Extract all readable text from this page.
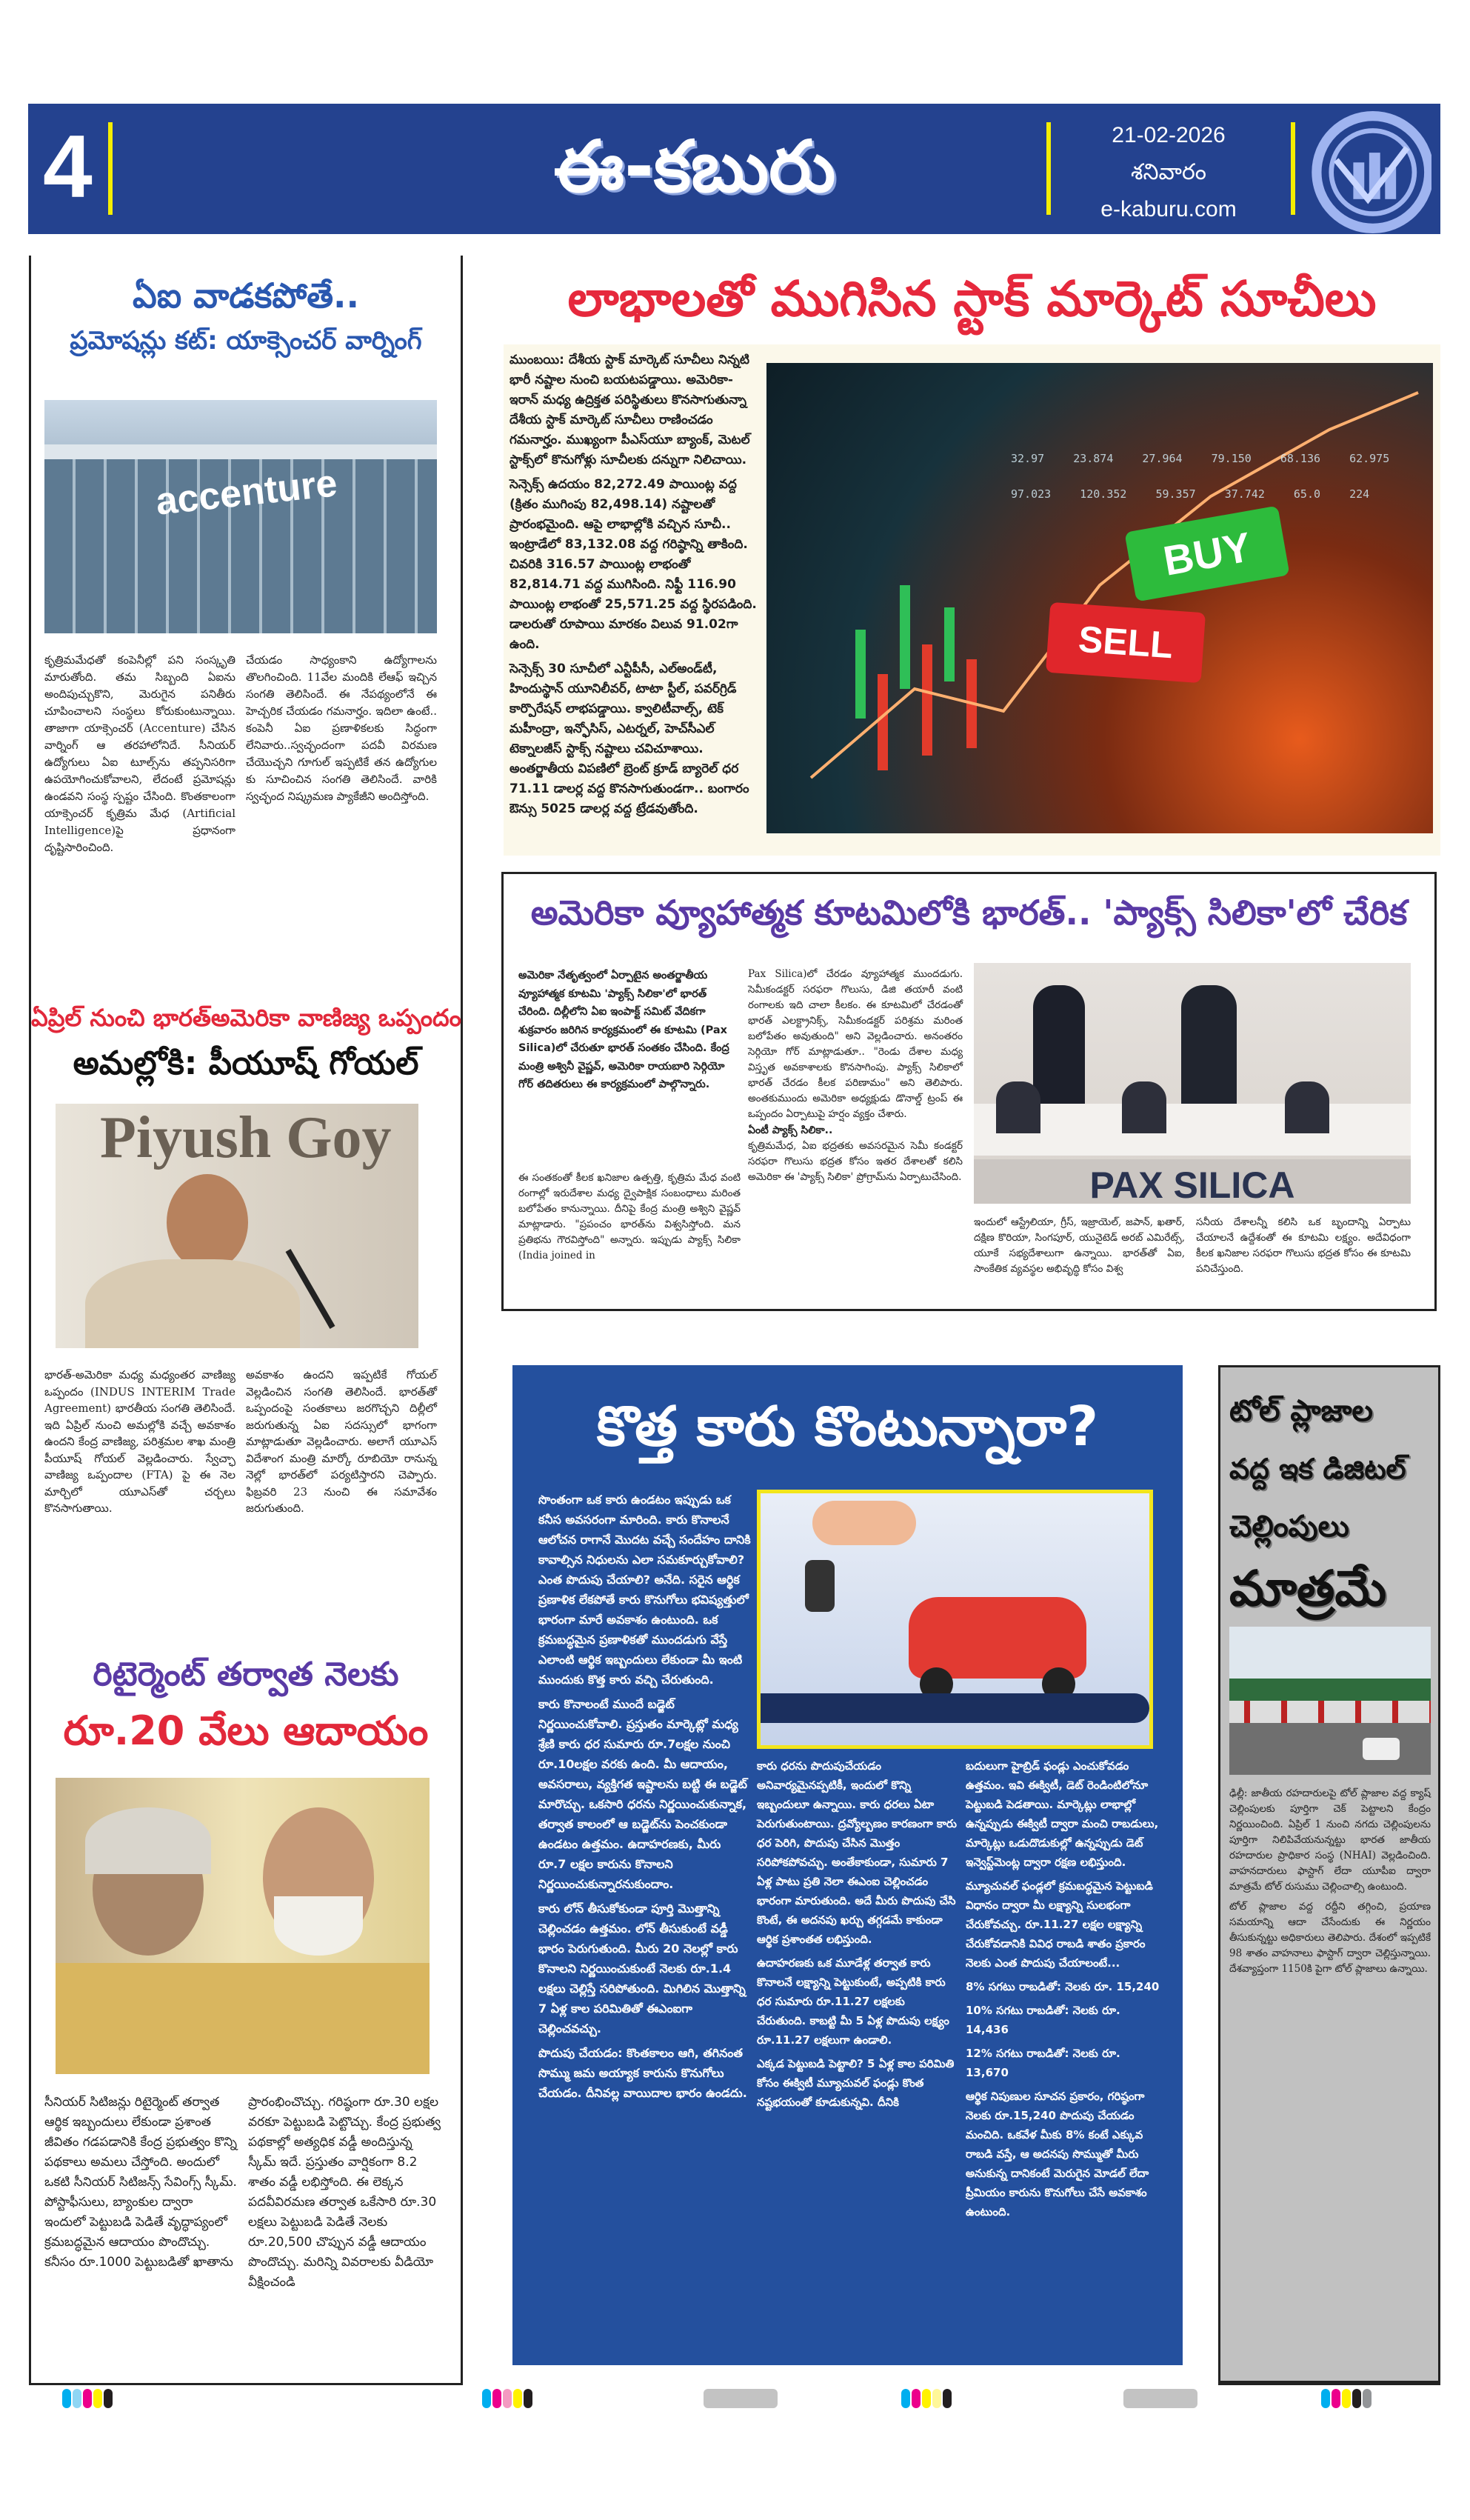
4	ఈ-కబురు	21-02-2026
శనివారం
e-kaburu.com
ఏఐ వాడకపోతే..
ప్రమోషన్లు కట్: యాక్సెంచర్ వార్నింగ్
accenture
కృత్రిమమేధతో కంపెనీల్లో పని సంస్కృతి మారుతోంది. తమ సిబ్బంది ఏఐను అందిపుచ్చుకొని, మెరుగైన పనితీరు చూపించాలని సంస్థలు కోరుకుంటున్నాయి. తాజాగా యాక్సెంచర్ (Accenture) చేసిన వార్నింగ్ ఆ తరహాలోనిదే. సీనియర్ ఉద్యోగులు ఏఐ టూల్స్‌ను తప్పనిసరిగా ఉపయోగించుకోవాలని, లేదంటే ప్రమోషన్లు ఉండవని సంస్థ స్పష్టం చేసింది. కొంతకాలంగా యాక్సెంచర్ కృత్రిమ మేధ (Artificial Intelligence)పై ప్రధానంగా దృష్టిసారించింది.
చేయడం సాధ్యంకాని ఉద్యోగాలను తొలగించింది. 11వేల మందికి లేఆఫ్ ఇచ్చిన సంగతి తెలిసిందే. ఈ నేపథ్యంలోనే ఈ హెచ్చరిక చేయడం గమనార్హం. ఇదిలా ఉంటే.. కంపెనీ ఏఐ ప్రణాళికలకు సిద్ధంగా లేనివారు..స్వచ్ఛందంగా పదవీ విరమణ చేయొచ్చని గూగుల్ ఇప్పటికే తన ఉద్యోగుల కు సూచించిన సంగతి తెలిసిందే. వారికి స్వచ్ఛంద నిష్క్రమణ ప్యాకేజీని అందిస్తోంది.
ఏప్రిల్ నుంచి భారత్‌అమెరికా వాణిజ్య ఒప్పందం
అమల్లోకి: పీయూష్ గోయల్
Piyush Goy
భారత్‌-అమెరికా మధ్య మధ్యంతర వాణిజ్య ఒప్పందం (INDUS INTERIM Trade Agreement) భారతీయ సంగతి తెలిసిందే. ఇది ఏప్రిల్ నుంచి అమల్లోకి వచ్చే అవకాశం ఉందని కేంద్ర వాణిజ్య, పరిశ్రమల శాఖ మంత్రి పీయూష్ గోయల్ వెల్లడించారు. స్వేచ్ఛా వాణిజ్య ఒప్పందాల (FTA) పై ఈ నెల మార్చిలో యూఎస్‌తో చర్చలు కొనసాగుతాయి.
అవకాశం ఉందని ఇప్పటికే గోయల్ వెల్లడించిన సంగతి తెలిసిందే. భారత్‌తో ఒప్పందంపై సంతకాలు జరగొచ్చని దిల్లీలో జరుగుతున్న ఏఐ సదస్సులో భాగంగా మాట్లాడుతూ వెల్లడించారు. అలాగే యూఎస్ విదేశాంగ మంత్రి మార్కో రూబియో రానున్న నెల్లో భారత్‌లో పర్యటిస్తారని చెప్పారు. ఫిబ్రవరి 23 నుంచి ఈ సమావేశం జరుగుతుంది.
రిటైర్మెంట్ తర్వాత నెలకు
రూ.20 వేలు ఆదాయం
సీనియర్ సిటిజన్లు రిటైర్మెంట్ తర్వాత ఆర్థిక ఇబ్బందులు లేకుండా ప్రశాంత జీవితం గడపడానికి కేంద్ర ప్రభుత్వం కొన్ని పథకాలు అమలు చేస్తోంది. అందులో ఒకటి సీనియర్ సిటిజన్స్ సేవింగ్స్ స్కీమ్. పోస్టాఫీసులు, బ్యాంకుల ద్వారా ఇందులో పెట్టుబడి పెడితే వృద్ధాప్యంలో క్రమబద్ధమైన ఆదాయం పొందొచ్చు. కనీసం రూ.1000 పెట్టుబడితో ఖాతాను
ప్రారంభించొచ్చు. గరిష్ఠంగా రూ.30 లక్షల వరకూ పెట్టుబడి పెట్టొచ్చు. కేంద్ర ప్రభుత్వ పథకాల్లో అత్యధిక వడ్డీ అందిస్తున్న స్కీమ్ ఇదే. ప్రస్తుతం వార్షికంగా 8.2 శాతం వడ్డీ లభిస్తోంది. ఈ లెక్కన పదవీవిరమణ తర్వాత ఒకేసారి రూ.30 లక్షలు పెట్టుబడి పెడితే నెలకు రూ.20,500 చొప్పున వడ్డీ ఆదాయం పొందొచ్చు. మరిన్ని వివరాలకు వీడియో వీక్షించండి
లాభాలతో ముగిసిన స్టాక్ మార్కెట్ సూచీలు

ముంబయి: దేశీయ స్టాక్ మార్కెట్ సూచీలు నిన్నటి భారీ నష్టాల నుంచి బయటపడ్డాయి. అమెరికా-ఇరాన్ మధ్య ఉద్రిక్తత పరిస్థితులు కొనసాగుతున్నా దేశీయ స్టాక్ మార్కెట్ సూచీలు రాణించడం గమనార్హం. ముఖ్యంగా పీఎస్‌యూ బ్యాంక్, మెటల్ స్టాక్స్‌లో కొనుగోళ్లు సూచీలకు దన్నుగా నిలిచాయి.

సెన్సెక్స్ ఉదయం 82,272.49 పాయింట్ల వద్ద (క్రితం ముగింపు 82,498.14) నష్టాలతో ప్రారంభమైంది. ఆపై లాభాల్లోకి వచ్చిన సూచీ.. ఇంట్రాడేలో 83,132.08 వద్ద గరిష్ఠాన్ని తాకింది. చివరికి 316.57 పాయింట్ల లాభంతో 82,814.71 వద్ద ముగిసింది. నిఫ్టీ 116.90 పాయింట్ల లాభంతో 25,571.25 వద్ద స్థిరపడింది. డాలరుతో రూపాయి మారకం విలువ 91.02గా ఉంది.

సెన్సెక్స్ 30 సూచీలో ఎన్టీపీసీ, ఎల్‌అండ్‌టీ, హిందుస్థాన్ యూనిలీవర్, టాటా స్టీల్, పవర్‌గ్రిడ్ కార్పొరేషన్ లాభపడ్డాయి. క్వాలిటీవాల్స్, టెక్ మహీంద్రా, ఇన్ఫోసిస్, ఎటర్నల్, హెచ్‌సీఎల్ టెక్నాలజీస్ స్టాక్స్ నష్టాలు చవిచూశాయి. అంతర్జాతీయ విపణిలో బ్రెంట్ క్రూడ్ బ్యారెల్ ధర 71.11 డాలర్ల వద్ద కొనసాగుతుండగా.. బంగారం ఔన్సు 5025 డాలర్ల వద్ద ట్రేడవుతోంది.

32.97	23.874	27.964	79.150	68.136	62.975 97.023	120.352	59.357	37.742	65.0	224
BUY
SELL
అమెరికా వ్యూహాత్మక కూటమిలోకి భారత్.. 'ప్యాక్స్ సిలికా'లో చేరిక
అమెరికా నేతృత్వంలో ఏర్పాటైన అంతర్జాతీయ వ్యూహాత్మక కూటమి 'ప్యాక్స్ సిలికా'లో భారత్ చేరింది. దిల్లీలోని ఏఐ ఇంపాక్ట్ సమిట్ వేదికగా శుక్రవారం జరిగిన కార్యక్రమంలో ఈ కూటమి (Pax Silica)లో చేరుతూ భారత్ సంతకం చేసింది. కేంద్ర మంత్రి అశ్వినీ వైష్ణవ్, అమెరికా రాయబారి సెర్గియో గోర్ తదితరులు ఈ కార్యక్రమంలో పాల్గొన్నారు.
ఈ సంతకంతో కీలక ఖనిజాల ఉత్పత్తి, కృత్రిమ మేధ వంటి రంగాల్లో ఇరుదేశాల మధ్య ద్వైపాక్షిక సంబంధాలు మరింత బలోపేతం కానున్నాయి. దీనిపై కేంద్ర మంత్రి అశ్విని వైష్ణవ్ మాట్లాడారు. "ప్రపంచం భారత్‌ను విశ్వసిస్తోంది. మన ప్రతిభను గౌరవిస్తోంది" అన్నారు. ఇప్పుడు ప్యాక్స్ సిలికా (India joined in
Pax Silica)లో చేరడం వ్యూహాత్మక ముందడుగు. సెమీకండక్టర్ సరఫరా గొలుసు, డిజి తయారీ వంటి రంగాలకు ఇది చాలా కీలకం. ఈ కూటమిలో చేరడంతో భారత్ ఎలక్ట్రానిక్స్, సెమీకండక్టర్ పరిశ్రమ మరింత బలోపేతం అవుతుంది" అని వెల్లడించారు. అనంతరం సెర్గియో గోర్ మాట్లాడుతూ.. "రెండు దేశాల మధ్య విస్తృత అవకాశాలకు కొనసాగింపు. ప్యాక్స్ సిలికాలో భారత్ చేరడం కీలక పరిణామం" అని తెలిపారు. అంతకుముందు అమెరికా అధ్యక్షుడు డొనాల్డ్ ట్రంప్ ఈ ఒప్పందం ఏర్పాటుపై హర్షం వ్యక్తం చేశారు.
ఏంటీ ప్యాక్స్ సిలికా..
కృత్రిమమేధ, ఏఐ భద్రతకు అవసరమైన సెమీ కండక్టర్ సరఫరా గొలుసు భద్రత కోసం ఇతర దేశాలతో కలిసి అమెరికా ఈ 'ప్యాక్స్ సిలికా' ప్రోగ్రామ్‌ను ఏర్పాటుచేసింది.	PAX SILICA
ఇందులో ఆస్ట్రేలియా, గ్రీస్, ఇజ్రాయెల్, జపాన్, ఖతార్, దక్షిణ కొరియా, సింగపూర్, యునైటెడ్ అరబ్ ఎమిరేట్స్, యూకే సభ్యదేశాలుగా ఉన్నాయి. భారత్‌తో ఏఐ, సాంకేతిక వ్యవస్థల అభివృద్ధి కోసం విశ్వ
సనీయ దేశాలన్నీ కలిసి ఒక బృందాన్ని ఏర్పాటు చేయాలనే ఉద్దేశంతో ఈ కూటమి లక్ష్యం. అదేవిధంగా కీలక ఖనిజాల సరఫరా గొలుసు భద్రత కోసం ఈ కూటమి పనిచేస్తుంది.
కొత్త కారు కొంటున్నారా?

సొంతంగా ఒక కారు ఉండటం ఇప్పుడు ఒక కనీస అవసరంగా మారింది. కారు కొనాలనే ఆలోచన రాగానే మొదట వచ్చే సందేహం దానికి కావాల్సిన నిధులను ఎలా సమకూర్చుకోవాలి? ఎంత పొదుపు చేయాలి? అనేది. సరైన ఆర్థిక ప్రణాళిక లేకపోతే కారు కొనుగోలు భవిష్యత్తులో భారంగా మారే అవకాశం ఉంటుంది. ఒక క్రమబద్ధమైన ప్రణాళికతో ముందడుగు వేస్తే ఎలాంటి ఆర్థిక ఇబ్బందులు లేకుండా మీ ఇంటి ముందుకు కొత్త కారు వచ్చి చేరుతుంది.

కారు కొనాలంటే ముందే బడ్జెట్ నిర్ణయించుకోవాలి. ప్రస్తుతం మార్కెట్లో మధ్య శ్రేణి కారు ధర సుమారు రూ.7లక్షల నుంచి రూ.10లక్షల వరకు ఉంది. మీ ఆదాయం, అవసరాలు, వ్యక్తిగత ఇష్టాలను బట్టి ఈ బడ్జెట్ మారొచ్చు. ఒకసారి ధరను నిర్ణయించుకున్నాక, తర్వాత కాలంలో ఆ బడ్జెట్‌ను పెంచకుండా ఉండటం ఉత్తమం. ఉదాహరణకు, మీరు రూ.7 లక్షల కారును కొనాలని నిర్ణయించుకున్నారనుకుందాం.

కారు లోన్ తీసుకోకుండా పూర్తి మొత్తాన్ని చెల్లించడం ఉత్తమం. లోన్ తీసుకుంటే వడ్డీ భారం పెరుగుతుంది. మీరు 20 నెలల్లో కారు కొనాలని నిర్ణయించుకుంటే నెలకు రూ.1.4 లక్షలు చెల్లిస్తే సరిపోతుంది. మిగిలిన మొత్తాన్ని 7 ఏళ్ల కాల పరిమితితో ఈఎంఐగా చెల్లించవచ్చు.

పొదుపు చేయడం: కొంతకాలం ఆగి, తగినంత సొమ్ము జమ అయ్యాక కారును కొనుగోలు చేయడం. దీనివల్ల వాయిదాల భారం ఉండదు.

కారు ధరను పొదుపుచేయడం అనివార్యమైనప్పటికీ, ఇందులో కొన్ని ఇబ్బందులూ ఉన్నాయి. కారు ధరలు ఏటా పెరుగుతుంటాయి. ద్రవ్యోల్బణం కారణంగా కారు ధర పెరిగి, పొదుపు చేసిన మొత్తం సరిపోకపోవచ్చు. అంతేకాకుండా, సుమారు 7 ఏళ్ల పాటు ప్రతి నెలా ఈఎంఐ చెల్లించడం భారంగా మారుతుంది. అదే మీరు పొదుపు చేసి కొంటే, ఈ అదనపు ఖర్చు తగ్గడమే కాకుండా ఆర్థిక ప్రశాంతత లభిస్తుంది.

ఉదాహరణకు ఒక మూడేళ్ల తర్వాత కారు కొనాలనే లక్ష్యాన్ని పెట్టుకుంటే, అప్పటికి కారు ధర సుమారు రూ.11.27 లక్షలకు చేరుతుంది. కాబట్టి మీ 5 ఏళ్ల పొదుపు లక్ష్యం రూ.11.27 లక్షలుగా ఉండాలి.

ఎక్కడ పెట్టుబడి పెట్టాలి? 5 ఏళ్ల కాల పరిమితి కోసం ఈక్విటీ మ్యూచువల్ ఫండ్లు కొంత నష్టభయంతో కూడుకున్నవి. దీనికి

బదులుగా హైబ్రిడ్ ఫండ్లు ఎంచుకోవడం ఉత్తమం. ఇవి ఈక్విటీ, డెట్ రెండింటిలోనూ పెట్టుబడి పెడతాయి. మార్కెట్లు లాభాల్లో ఉన్నప్పుడు ఈక్విటీ ద్వారా మంచి రాబడులు, మార్కెట్లు ఒడుదొడుకుల్లో ఉన్నప్పుడు డెట్ ఇన్వెస్ట్‌మెంట్ల ద్వారా రక్షణ లభిస్తుంది.

మ్యూచువల్ ఫండ్లలో క్రమబద్ధమైన పెట్టుబడి విధానం ద్వారా మీ లక్ష్యాన్ని సులభంగా చేరుకోవచ్చు. రూ.11.27 లక్షల లక్ష్యాన్ని చేరుకోవడానికి వివిధ రాబడి శాతం ప్రకారం నెలకు ఎంత పొదుపు చేయాలంటే...

8% సగటు రాబడితో: నెలకు రూ. 15,240

10% సగటు రాబడితో: నెలకు రూ. 14,436

12% సగటు రాబడితో: నెలకు రూ. 13,670

ఆర్థిక నిపుణుల సూచన ప్రకారం, గరిష్ఠంగా నెలకు రూ.15,240 పొదుపు చేయడం మంచిది. ఒకవేళ మీకు 8% కంటే ఎక్కువ రాబడి వస్తే, ఆ అదనపు సొమ్ముతో మీరు అనుకున్న దానికంటే మెరుగైన మోడల్ లేదా ప్రీమియం కారును కొనుగోలు చేసే అవకాశం ఉంటుంది.

టోల్ ప్లాజాల
వద్ద ఇక డిజిటల్
చెల్లింపులు
మాత్రమే

ఢిల్లీ: జాతీయ రహదారులపై టోల్ ప్లాజాల వద్ద క్యాష్ చెల్లింపులకు పూర్తిగా చెక్ పెట్టాలని కేంద్రం నిర్ణయించింది. ఏప్రిల్ 1 నుంచి నగదు చెల్లింపులను పూర్తిగా నిలిపివేయనున్నట్టు భారత జాతీయ రహదారుల ప్రాధికార సంస్థ (NHAI) వెల్లడించింది. వాహనదారులు ఫాస్టాగ్ లేదా యూపీఐ ద్వారా మాత్రమే టోల్ రుసుము చెల్లించాల్సి ఉంటుంది.

టోల్ ప్లాజాల వద్ద రద్దీని తగ్గించి, ప్రయాణ సమయాన్ని ఆదా చేసేందుకు ఈ నిర్ణయం తీసుకున్నట్టు అధికారులు తెలిపారు. దేశంలో ఇప్పటికే 98 శాతం వాహనాలు ఫాస్టాగ్ ద్వారా చెల్లిస్తున్నాయి. దేశవ్యాప్తంగా 1150కి పైగా టోల్ ప్లాజాలు ఉన్నాయి.
